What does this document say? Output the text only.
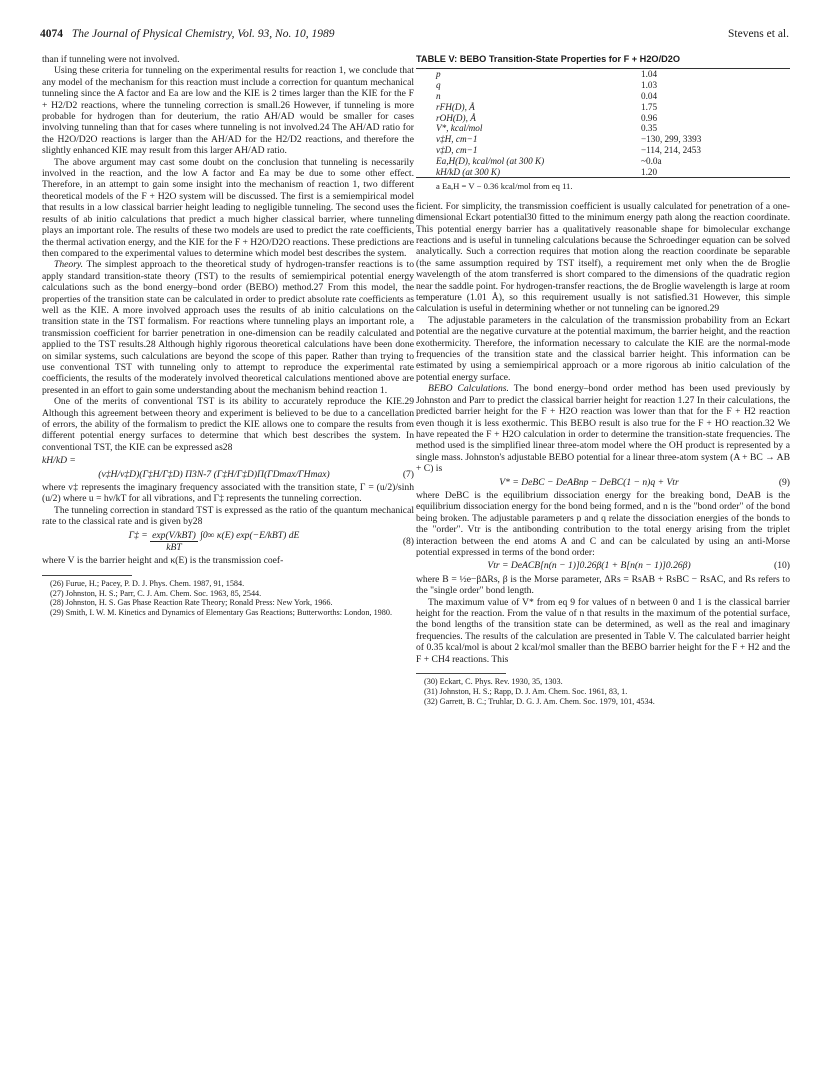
4074 The Journal of Physical Chemistry, Vol. 93, No. 10, 1989	Stevens et al.

than if tunneling were not involved.

Using these criteria for tunneling on the experimental results for reaction 1, we conclude that any model of the mechanism for this reaction must include a correction for quantum mechanical tunneling since the A factor and Ea are low and the KIE is 2 times larger than the KIE for the F + H2/D2 reactions, where the tunneling correction is small.26 However, if tunneling is more probable for hydrogen than for deuterium, the ratio AH/AD would be smaller for cases involving tunneling than that for cases where tunneling is not involved.24 The AH/AD ratio for the H2O/D2O reactions is larger than the AH/AD for the H2/D2 reactions, and therefore the slightly enhanced KIE may result from this larger AH/AD ratio.

The above argument may cast some doubt on the conclusion that tunneling is necessarily involved in the reaction, and the low A factor and Ea may be due to some other effect. Therefore, in an attempt to gain some insight into the mechanism of reaction 1, two different theoretical models of the F + H2O system will be discussed. The first is a semiempirical model that results in a low classical barrier height leading to negligible tunneling. The second uses the results of ab initio calculations that predict a much higher classical barrier, where tunneling plays an important role. The results of these two models are used to predict the rate coefficients, the thermal activation energy, and the KIE for the F + H2O/D2O reactions. These predictions are then compared to the experimental values to determine which model best describes the system.

Theory. The simplest approach to the theoretical study of hydrogen-transfer reactions is to apply standard transition-state theory (TST) to the results of semiempirical potential energy calculations such as the bond energy–bond order (BEBO) method.27 From this model, the properties of the transition state can be calculated in order to predict absolute rate coefficients as well as the KIE. A more involved approach uses the results of ab initio calculations on the transition state in the TST formalism. For reactions where tunneling plays an important role, a transmission coefficient for barrier penetration in one-dimension can be readily calculated and applied to the TST results.28 Although highly rigorous theoretical calculations have been done on similar systems, such calculations are beyond the scope of this paper. Rather than trying to use conventional TST with tunneling only to attempt to reproduce the experimental rate coefficients, the results of the moderately involved theoretical calculations mentioned above are presented in an effort to gain some understanding about the mechanism behind reaction 1.

One of the merits of conventional TST is its ability to accurately reproduce the KIE.29 Although this agreement between theory and experiment is believed to be due to a cancellation of errors, the ability of the formalism to predict the KIE allows one to compare the results from different potential energy surfaces to determine that which best describes the system. In conventional TST, the KIE can be expressed as28

kH/kD =
(ν‡H/ν‡D)(Γ‡H/Γ‡D) Π3N-7 (Γ‡H/Γ‡D)Π(ΓDmax/ΓHmax)	(7)

where ν‡ represents the imaginary frequency associated with the transition state, Γ = (u/2)/sinh (u/2) where u = hν/kT for all vibrations, and Γ‡ represents the tunneling correction.

The tunneling correction in standard TST is expressed as the ratio of the quantum mechanical rate to the classical rate and is given by28

Γ‡ = $\frac{\text{exp(V/kBT)}}{\text{kBT}} \int 0\infty$ κ(E) exp(−E/kBT) dE
(8)

where V is the barrier height and κ(E) is the transmission coef-

(26) Furue, H.; Pacey, P. D. J. Phys. Chem. 1987, 91, 1584.
(27) Johnston, H. S.; Parr, C. J. Am. Chem. Soc. 1963, 85, 2544.
(28) Johnston, H. S. Gas Phase Reaction Rate Theory; Ronald Press: New York, 1966.
(29) Smith, I. W. M. Kinetics and Dynamics of Elementary Gas Reactions; Butterworths: London, 1980.
TABLE V: BEBO Transition-State Properties for F + H2O/D2O
p	1.04
q	1.03
n	0.04
rFH(D), Å	1.75
rOH(D), Å	0.96
V*, kcal/mol	0.35
ν‡H, cm−1	−130, 299, 3393
ν‡D, cm−1	−114, 214, 2453
Ea,H(D), kcal/mol (at 300 K)	~0.0a
kH/kD (at 300 K)	1.20
a Ea,H = V − 0.36 kcal/mol from eq 11.

ficient. For simplicity, the transmission coefficient is usually calculated for penetration of a one-dimensional Eckart potential30 fitted to the minimum energy path along the reaction coordinate. This potential energy barrier has a qualitatively reasonable shape for bimolecular exchange reactions and is useful in tunneling calculations because the Schroedinger equation can be solved analytically. Such a correction requires that motion along the reaction coordinate be separable (the same assumption required by TST itself), a requirement met only when the de Broglie wavelength of the atom transferred is short compared to the dimensions of the quadratic region near the saddle point. For hydrogen-transfer reactions, the de Broglie wavelength is large at room temperature (1.01 Å), so this requirement usually is not satisfied.31 However, this simple calculation is useful in determining whether or not tunneling can be ignored.29

The adjustable parameters in the calculation of the transmission probability from an Eckart potential are the negative curvature at the potential maximum, the barrier height, and the reaction exothermicity. Therefore, the information necessary to calculate the KIE are the normal-mode frequencies of the transition state and the classical barrier height. This information can be estimated by using a semiempirical approach or a more rigorous ab initio calculation of the potential energy surface.

BEBO Calculations. The bond energy–bond order method has been used previously by Johnston and Parr to predict the classical barrier height for reaction 1.27 In their calculations, the predicted barrier height for the F + H2O reaction was lower than that for the F + H2 reaction even though it is less exothermic. This BEBO result is also true for the F + HO reaction.32 We have repeated the F + H2O calculation in order to determine the transition-state frequencies. The method used is the simplified linear three-atom model where the OH product is represented by a single mass. Johnston's adjustable BEBO potential for a linear three-atom system (A + BC → AB + C) is

V* = DeBC − DeABnp − DeBC(1 − n)q + Vtr	(9)

where DeBC is the equilibrium dissociation energy for the breaking bond, DeAB is the equilibrium dissociation energy for the bond being formed, and n is the "bond order" of the bond being broken. The adjustable parameters p and q relate the dissociation energies of the bonds to the "order". Vtr is the antibonding contribution to the total energy arising from the triplet interaction between the end atoms A and C and can be calculated by using an anti-Morse potential expressed in terms of the bond order:

Vtr = DeACB[n(n − 1)]0.26β(1 + B[n(n − 1)]0.26β)	(10)

where B = ½e−βΔRs, β is the Morse parameter, ΔRs = RsAB + RsBC − RsAC, and Rs refers to the "single order" bond length.

The maximum value of V* from eq 9 for values of n between 0 and 1 is the classical barrier height for the reaction. From the value of n that results in the maximum of the potential surface, the bond lengths of the transition state can be determined, as well as the real and imaginary frequencies. The results of the calculation are presented in Table V. The calculated barrier height of 0.35 kcal/mol is about 2 kcal/mol smaller than the BEBO barrier height for the F + H2 and the F + CH4 reactions. This

(30) Eckart, C. Phys. Rev. 1930, 35, 1303.
(31) Johnston, H. S.; Rapp, D. J. Am. Chem. Soc. 1961, 83, 1.
(32) Garrett, B. C.; Truhlar, D. G. J. Am. Chem. Soc. 1979, 101, 4534.
